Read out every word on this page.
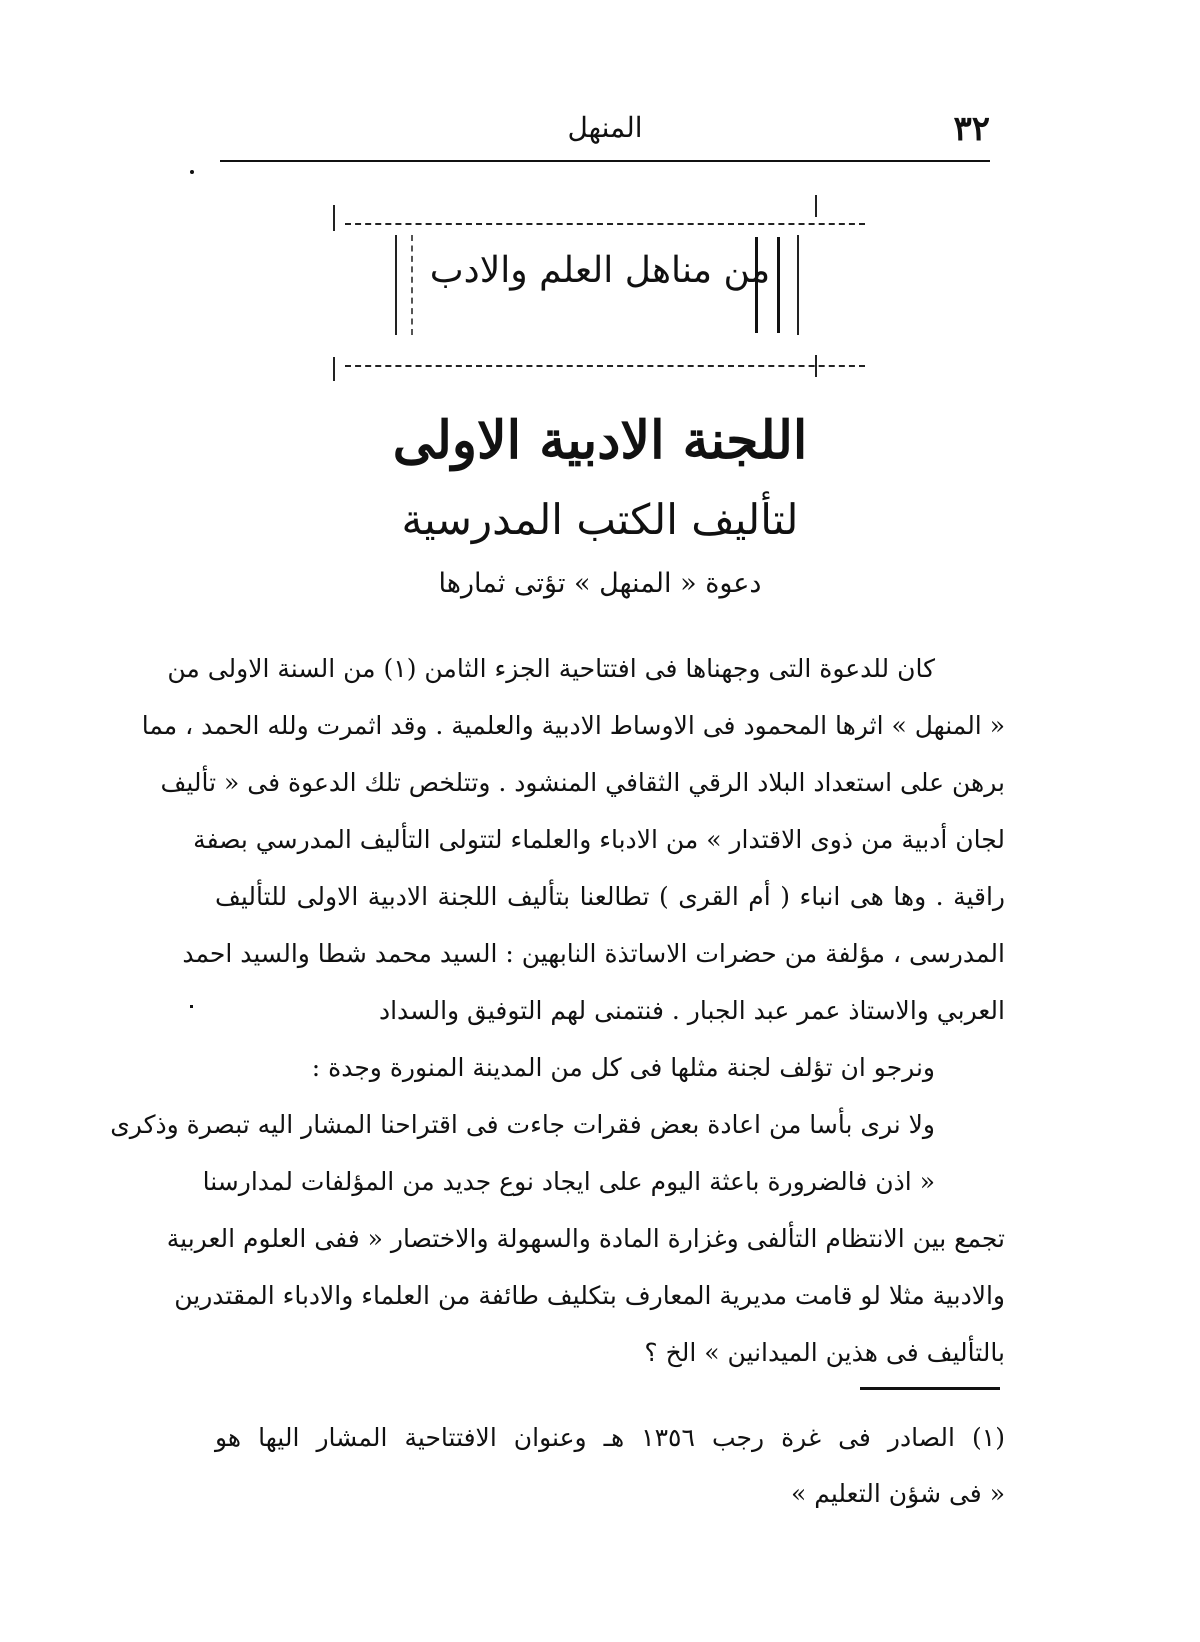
٣٢
المنهل
من مناهل العلم والادب
اللجنة الادبية الاولى
لتأليف الكتب المدرسية
دعوة « المنهل » تؤتى ثمارها
كان للدعوة التى وجهناها فى افتتاحية الجزء الثامن (١) من السنة الاولى من
« المنهل » اثرها المحمود فى الاوساط الادبية والعلمية . وقد اثمرت ولله الحمد ، مما
برهن على استعداد البلاد الرقي الثقافي المنشود . وتتلخص تلك الدعوة فى « تأليف
لجان أدبية من ذوى الاقتدار » من الادباء والعلماء لتتولى التأليف المدرسي بصفة
راقية . وها هى انباء ( أم القرى ) تطالعنا بتأليف اللجنة الادبية الاولى للتأليف
المدرسى ، مؤلفة من حضرات الاساتذة النابهين : السيد محمد شطا والسيد احمد
العربي والاستاذ عمر عبد الجبار . فنتمنى لهم التوفيق والسداد
ونرجو ان تؤلف لجنة مثلها فى كل من المدينة المنورة وجدة :
ولا نرى بأسا من اعادة بعض فقرات جاءت فى اقتراحنا المشار اليه تبصرة وذكرى
« اذن فالضرورة باعثة اليوم على ايجاد نوع جديد من المؤلفات لمدارسنا
تجمع بين الانتظام التألفى وغزارة المادة والسهولة والاختصار « ففى العلوم العربية
والادبية مثلا لو قامت مديرية المعارف بتكليف طائفة من العلماء والادباء المقتدرين
بالتأليف فى هذين الميدانين » الخ ؟
(١) الصادر فى غرة رجب ١٣٥٦ هـ وعنوان الافتتاحية المشار اليها هو
« فى شؤن التعليم »
